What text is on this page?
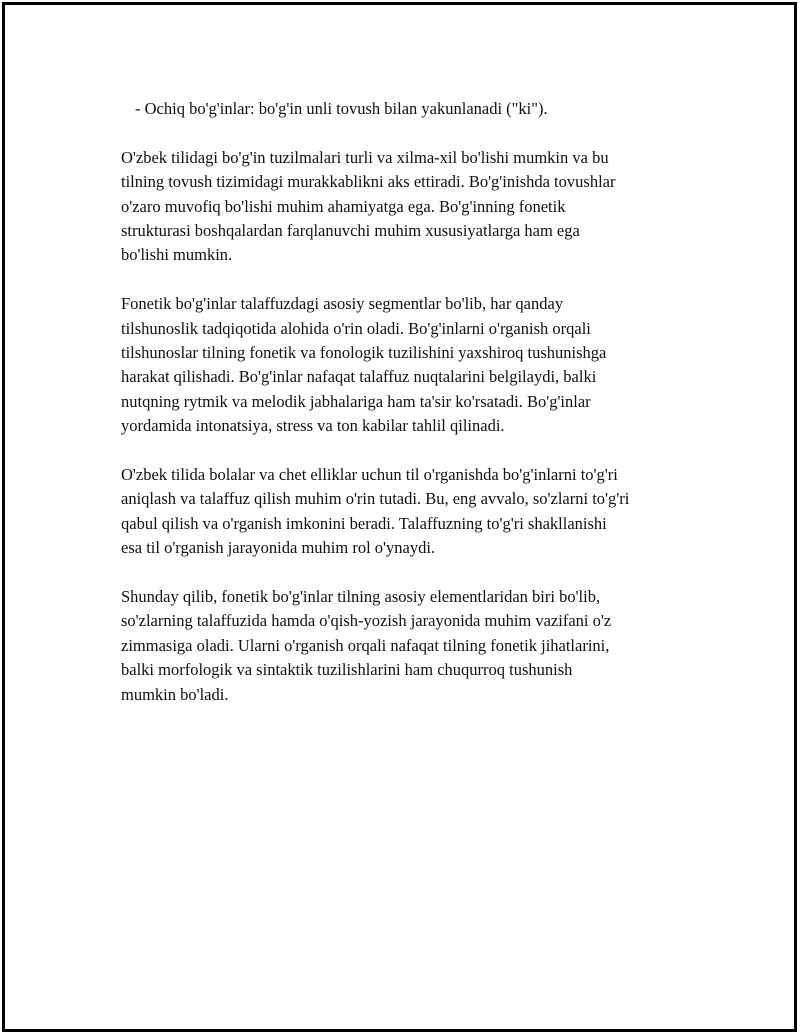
- Ochiq bo'g'inlar: bo'g'in unli tovush bilan yakunlanadi ("ki").

O'zbek tilidagi bo'g'in tuzilmalari turli va xilma-xil bo'lishi mumkin va bu
tilning tovush tizimidagi murakkablikni aks ettiradi. Bo'g'inishda tovushlar
o'zaro muvofiq bo'lishi muhim ahamiyatga ega. Bo'g'inning fonetik
strukturasi boshqalardan farqlanuvchi muhim xususiyatlarga ham ega
bo'lishi mumkin.

Fonetik bo'g'inlar talaffuzdagi asosiy segmentlar bo'lib, har qanday
tilshunoslik tadqiqotida alohida o'rin oladi. Bo'g'inlarni o'rganish orqali
tilshunoslar tilning fonetik va fonologik tuzilishini yaxshiroq tushunishga
harakat qilishadi. Bo'g'inlar nafaqat talaffuz nuqtalarini belgilaydi, balki
nutqning rytmik va melodik jabhalariga ham ta'sir ko'rsatadi. Bo'g'inlar
yordamida intonatsiya, stress va ton kabilar tahlil qilinadi.

O'zbek tilida bolalar va chet elliklar uchun til o'rganishda bo'g'inlarni to'g'ri
aniqlash va talaffuz qilish muhim o'rin tutadi. Bu, eng avvalo, so'zlarni to'g'ri
qabul qilish va o'rganish imkonini beradi. Talaffuzning to'g'ri shakllanishi
esa til o'rganish jarayonida muhim rol o'ynaydi.

Shunday qilib, fonetik bo'g'inlar tilning asosiy elementlaridan biri bo'lib,
so'zlarning talaffuzida hamda o'qish-yozish jarayonida muhim vazifani o'z
zimmasiga oladi. Ularni o'rganish orqali nafaqat tilning fonetik jihatlarini,
balki morfologik va sintaktik tuzilishlarini ham chuqurroq tushunish
mumkin bo'ladi.
